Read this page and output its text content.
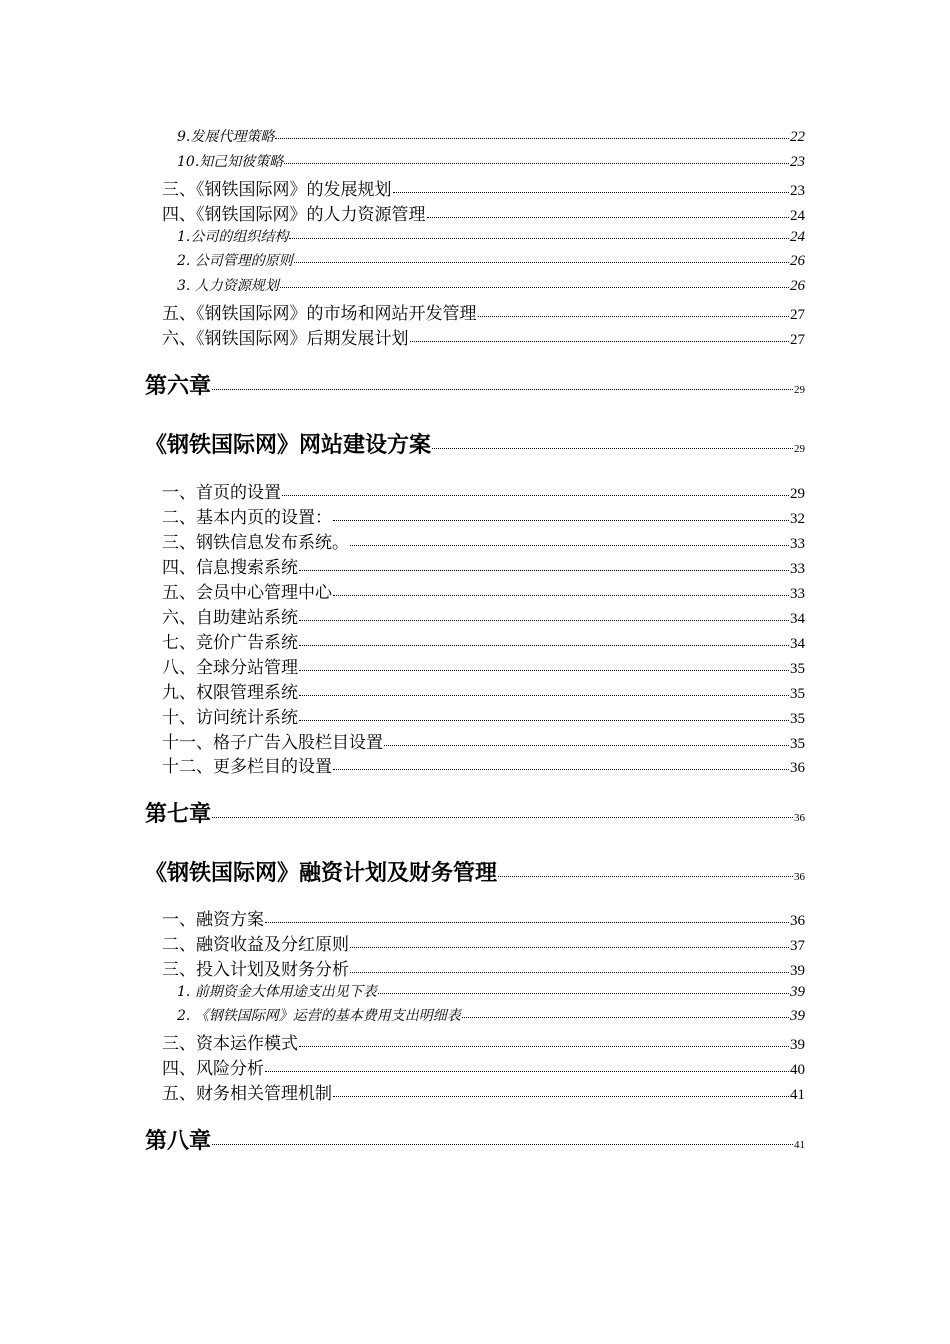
9.发展代理策略	22
10.知己知彼策略	23
三、《钢铁国际网》的发展规划	23
四、《钢铁国际网》的人力资源管理	24
1.公司的组织结构	24
2. 公司管理的原则	26
3. 人力资源规划	26
五、《钢铁国际网》的市场和网站开发管理	27
六、《钢铁国际网》后期发展计划	27
第六章	29
《钢铁国际网》网站建设方案	29
一、首页的设置	29
二、基本内页的设置：	32
三、钢铁信息发布系统。	33
四、信息搜索系统	33
五、会员中心管理中心	33
六、自助建站系统	34
七、竞价广告系统	34
八、全球分站管理	35
九、权限管理系统	35
十、访问统计系统	35
十一、格子广告入股栏目设置	35
十二、更多栏目的设置	36
第七章	36
《钢铁国际网》融资计划及财务管理	36
一、融资方案	36
二、融资收益及分红原则	37
三、投入计划及财务分析	39
1. 前期资金大体用途支出见下表	39
2. 《钢铁国际网》运营的基本费用支出明细表	39
三、资本运作模式	39
四、风险分析	40
五、财务相关管理机制	41
第八章	41
